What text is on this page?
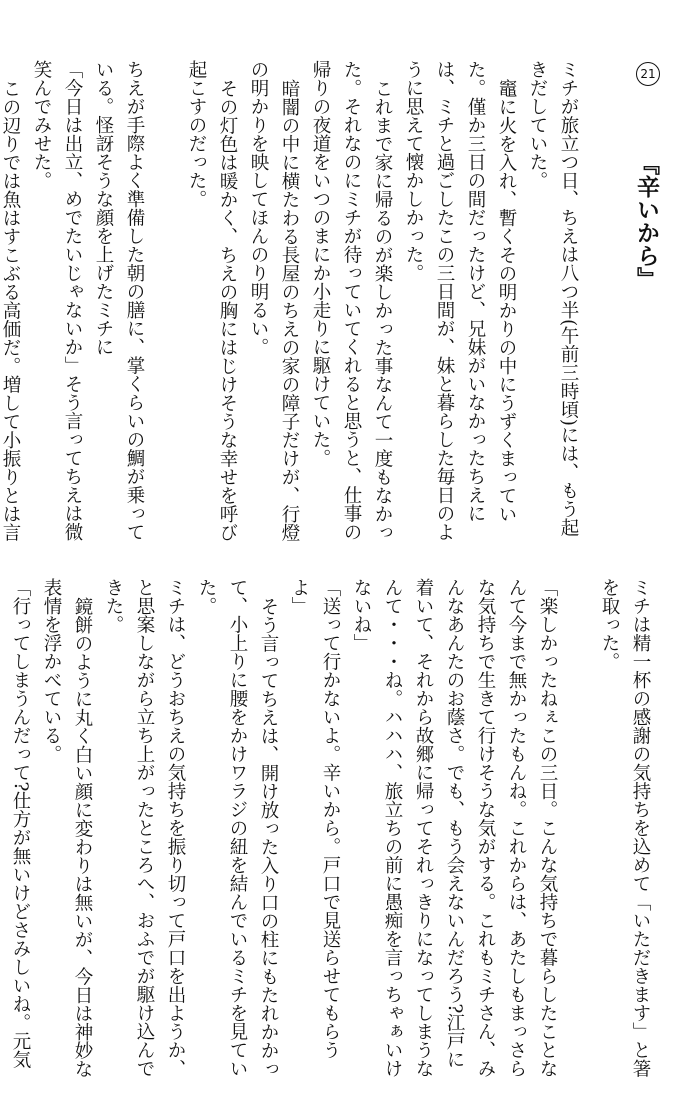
21
『辛いから』

ミチが旅立つ日、ちえは八つ半(午前三時頃)には、もう起きだしていた。

竈に火を入れ、暫くその明かりの中にうずくまっていた。僅か三日の間だったけど、兄妹がいなかったちえには、ミチと過ごしたこの三日間が、妹と暮らした毎日のように思えて懐かしかった。

これまで家に帰るのが楽しかった事なんて一度もなかった。それなのにミチが待っていてくれると思うと、仕事の帰りの夜道をいつのまにか小走りに駆けていた。

暗闇の中に横たわる長屋のちえの家の障子だけが、行燈の明かりを映してほんのり明るい。

その灯色は暖かく、ちえの胸にはじけそうな幸せを呼び起こすのだった。

ちえが手際よく準備した朝の膳に、掌くらいの鯛が乗っている。怪訝そうな顔を上げたミチに

「今日は出立、めでたいじゃないか」そう言ってちえは微笑んでみせた。

この辺りでは魚はすこぶる高価だ。増して小振りとは言

ミチは精一杯の感謝の気持ちを込めて「いただきます」と箸を取った。

「楽しかったねぇこの三日。こんな気持ちで暮らしたことなんて今まで無かったもんね。これからは、あたしもまっさらな気持ちで生きて行けそうな気がする。これもミチさん、みんなあんたのお蔭さ。でも、もう会えないんだろう?江戸に着いて、それから故郷に帰ってそれっきりになってしまうなんて・・・ね。ハハハ、旅立ちの前に愚痴を言っちゃぁいけないね」

「送って行かないよ。辛いから。戸口で見送らせてもらうよ」

そう言ってちえは、開け放った入り口の柱にもたれかかって、小上りに腰をかけワラジの紐を結んでいるミチを見ていた。

ミチは、どうおちえの気持ちを振り切って戸口を出ようか、と思案しながら立ち上がったところへ、おふでが駆け込んできた。

鏡餅のように丸く白い顔に変わりは無いが、今日は神妙な表情を浮かべている。

「行ってしまうんだって?仕方が無いけどさみしいね。元気
